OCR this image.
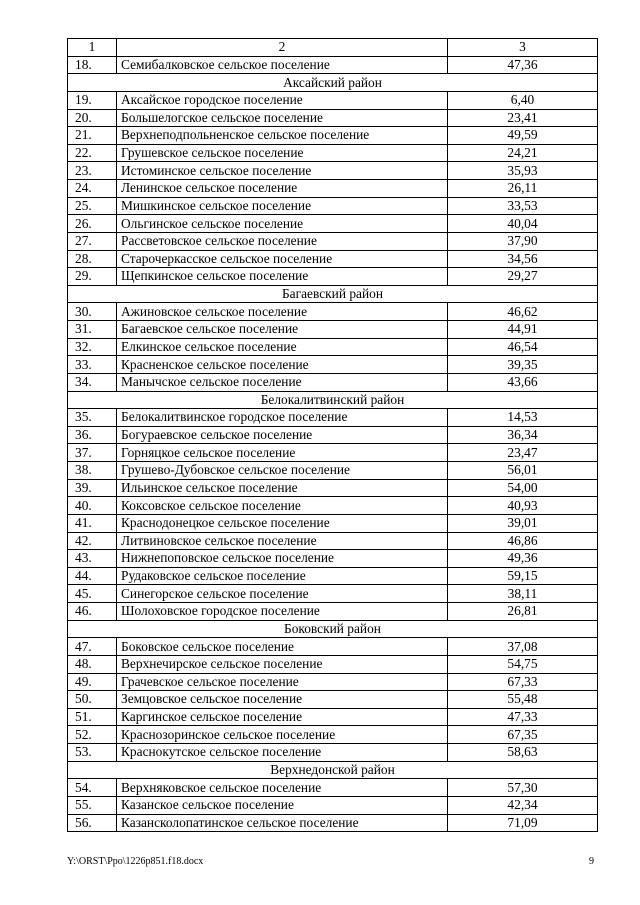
1	2	3
18.	Семибалковское сельское поселение	47,36
Аксайский район		
19.	Аксайское городское поселение	6,40
20.	Большелогское сельское поселение	23,41
21.	Верхнеподпольненское сельское поселение	49,59
22.	Грушевское сельское поселение	24,21
23.	Истоминское сельское поселение	35,93
24.	Ленинское сельское поселение	26,11
25.	Мишкинское сельское поселение	33,53
26.	Ольгинское сельское поселение	40,04
27.	Рассветовское сельское поселение	37,90
28.	Старочеркасское сельское поселение	34,56
29.	Щепкинское сельское поселение	29,27
Багаевский район		
30.	Ажиновское сельское поселение	46,62
31.	Багаевское сельское поселение	44,91
32.	Елкинское сельское поселение	46,54
33.	Красненское сельское поселение	39,35
34.	Манычское сельское поселение	43,66
Белокалитвинский район		
35.	Белокалитвинское городское поселение	14,53
36.	Богураевское сельское поселение	36,34
37.	Горняцкое сельское поселение	23,47
38.	Грушево-Дубовское сельское поселение	56,01
39.	Ильинское сельское поселение	54,00
40.	Коксовское сельское поселение	40,93
41.	Краснодонецкое сельское поселение	39,01
42.	Литвиновское сельское поселение	46,86
43.	Нижнепоповское сельское поселение	49,36
44.	Рудаковское сельское поселение	59,15
45.	Синегорское сельское поселение	38,11
46.	Шолоховское городское поселение	26,81
Боковский район		
47.	Боковское сельское поселение	37,08
48.	Верхнечирское сельское поселение	54,75
49.	Грачевское сельское поселение	67,33
50.	Земцовское сельское поселение	55,48
51.	Каргинское сельское поселение	47,33
52.	Краснозоринское сельское поселение	67,35
53.	Краснокутское сельское поселение	58,63
Верхнедонской район		
54.	Верхняковское сельское поселение	57,30
55.	Казанское сельское поселение	42,34
56.	Казансколопатинское сельское поселение	71,09
Y:\ORST\Ppo\1226p851.f18.docx	9
